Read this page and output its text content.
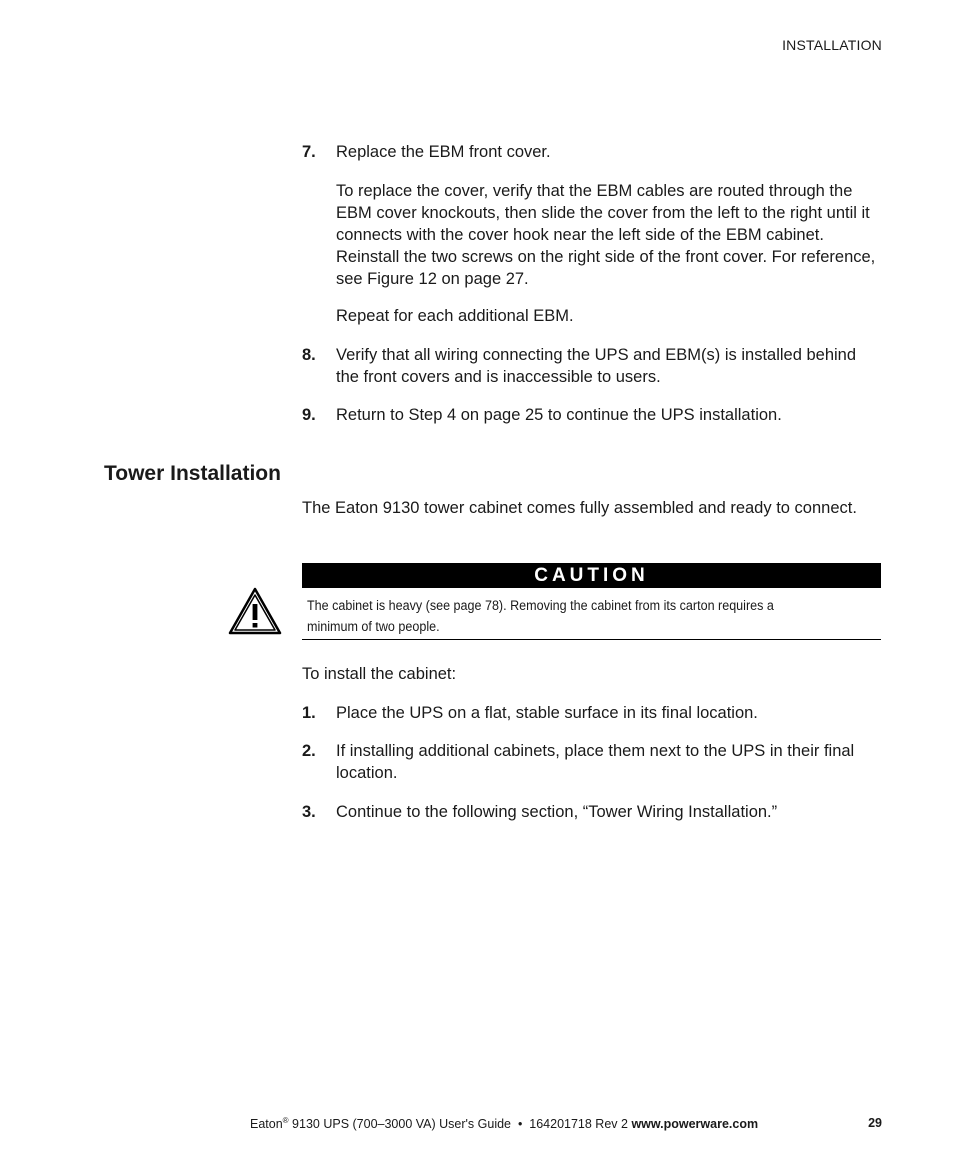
INSTALLATION
7.	Replace the EBM front cover.
To replace the cover, verify that the EBM cables are routed through the EBM cover knockouts, then slide the cover from the left to the right until it connects with the cover hook near the left side of the EBM cabinet. Reinstall the two screws on the right side of the front cover. For reference, see Figure 12 on page 27.
Repeat for each additional EBM.
8.	Verify that all wiring connecting the UPS and EBM(s) is installed behind the front covers and is inaccessible to users.
9.	Return to Step 4 on page 25 to continue the UPS installation.
Tower Installation
The Eaton 9130 tower cabinet comes fully assembled and ready to connect.
CAUTION
The cabinet is heavy (see page 78). Removing the cabinet from its carton requires a minimum of two people.
To install the cabinet:
1.	Place the UPS on a flat, stable surface in its final location.
2.	If installing additional cabinets, place them next to the UPS in their final location.
3.	Continue to the following section, “Tower Wiring Installation.”
Eaton® 9130 UPS (700–3000 VA) User's Guide  •  164201718 Rev 2 www.powerware.com	29
